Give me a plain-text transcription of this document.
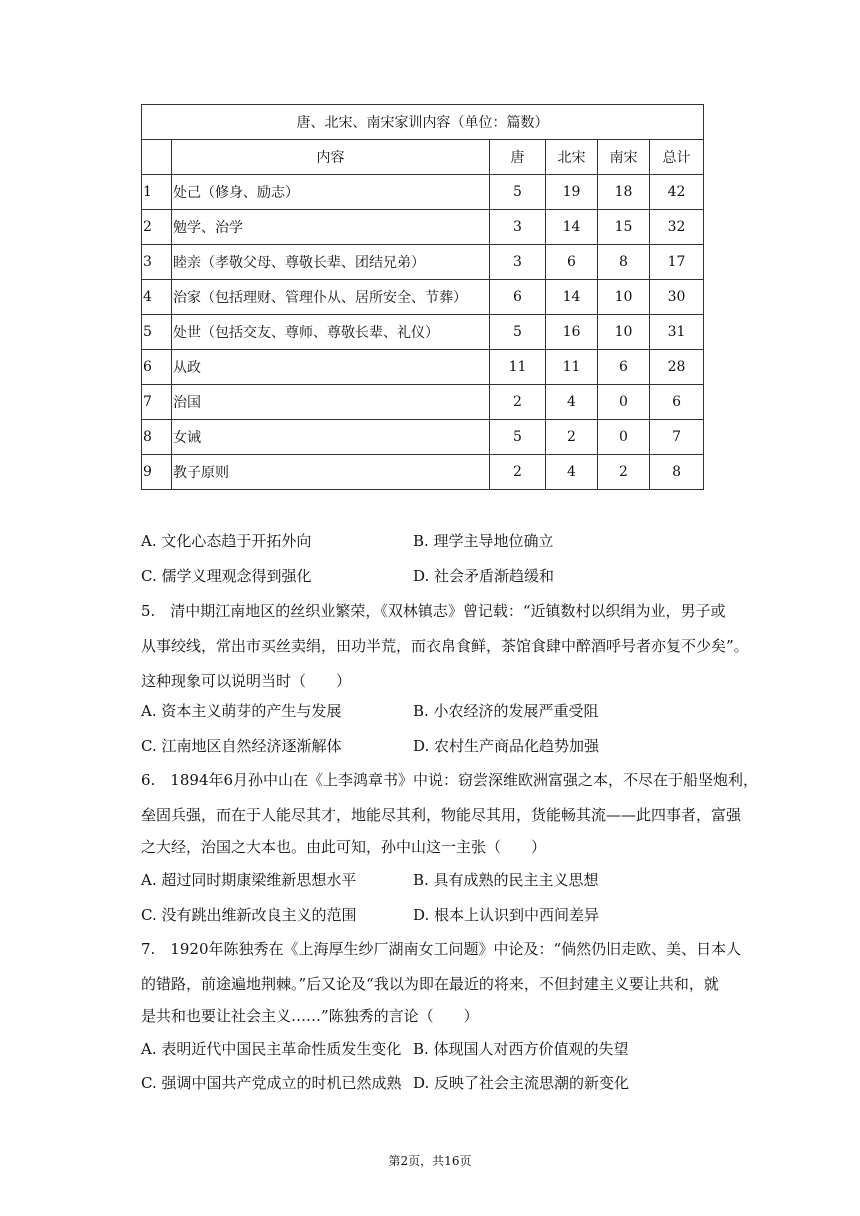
唐、北宋、南宋家训内容（单位：篇数）					
	内容	唐	北宋	南宋	总计
1	处己（修身、励志）	5	19	18	42
2	勉学、治学	3	14	15	32
3	睦亲（孝敬父母、尊敬长辈、团结兄弟）	3	6	8	17
4	治家（包括理财、管理仆从、居所安全、节葬）	6	14	10	30
5	处世（包括交友、尊师、尊敬长辈、礼仪）	5	16	10	31
6	从政	11	11	6	28
7	治国	2	4	0	6
8	女诫	5	2	0	7
9	教子原则	2	4	2	8
A. 文化心态趋于开拓外向	B. 理学主导地位确立
C. 儒学义理观念得到强化	D. 社会矛盾渐趋缓和
5.　清中期江南地区的丝织业繁荣，《双林镇志》曾记载：“近镇数村以织绢为业，男子或
从事绞线，常出市买丝卖绢，田功半荒，而衣帛食鲜，茶馆食肆中醉酒呼号者亦复不少矣”。
这种现象可以说明当时（　　）
A. 资本主义萌芽的产生与发展	B. 小农经济的发展严重受阻
C. 江南地区自然经济逐渐解体	D. 农村生产商品化趋势加强
6.　1894年6月孙中山在《上李鸿章书》中说：窃尝深维欧洲富强之本，不尽在于船坚炮利，
垒固兵强，而在于人能尽其才，地能尽其利，物能尽其用，货能畅其流——此四事者，富强
之大经，治国之大本也。由此可知，孙中山这一主张（　　）
A. 超过同时期康梁维新思想水平	B. 具有成熟的民主主义思想
C. 没有跳出维新改良主义的范围	D. 根本上认识到中西间差异
7.　1920年陈独秀在《上海厚生纱厂湖南女工问题》中论及：“倘然仍旧走欧、美、日本人
的错路，前途遍地荆棘。”后又论及“我以为即在最近的将来，不但封建主义要让共和，就
是共和也要让社会主义……”陈独秀的言论（　　）
A. 表明近代中国民主革命性质发生变化 B. 体现国人对西方价值观的失望
C. 强调中国共产党成立的时机已然成熟 D. 反映了社会主流思潮的新变化
第2页，共16页
